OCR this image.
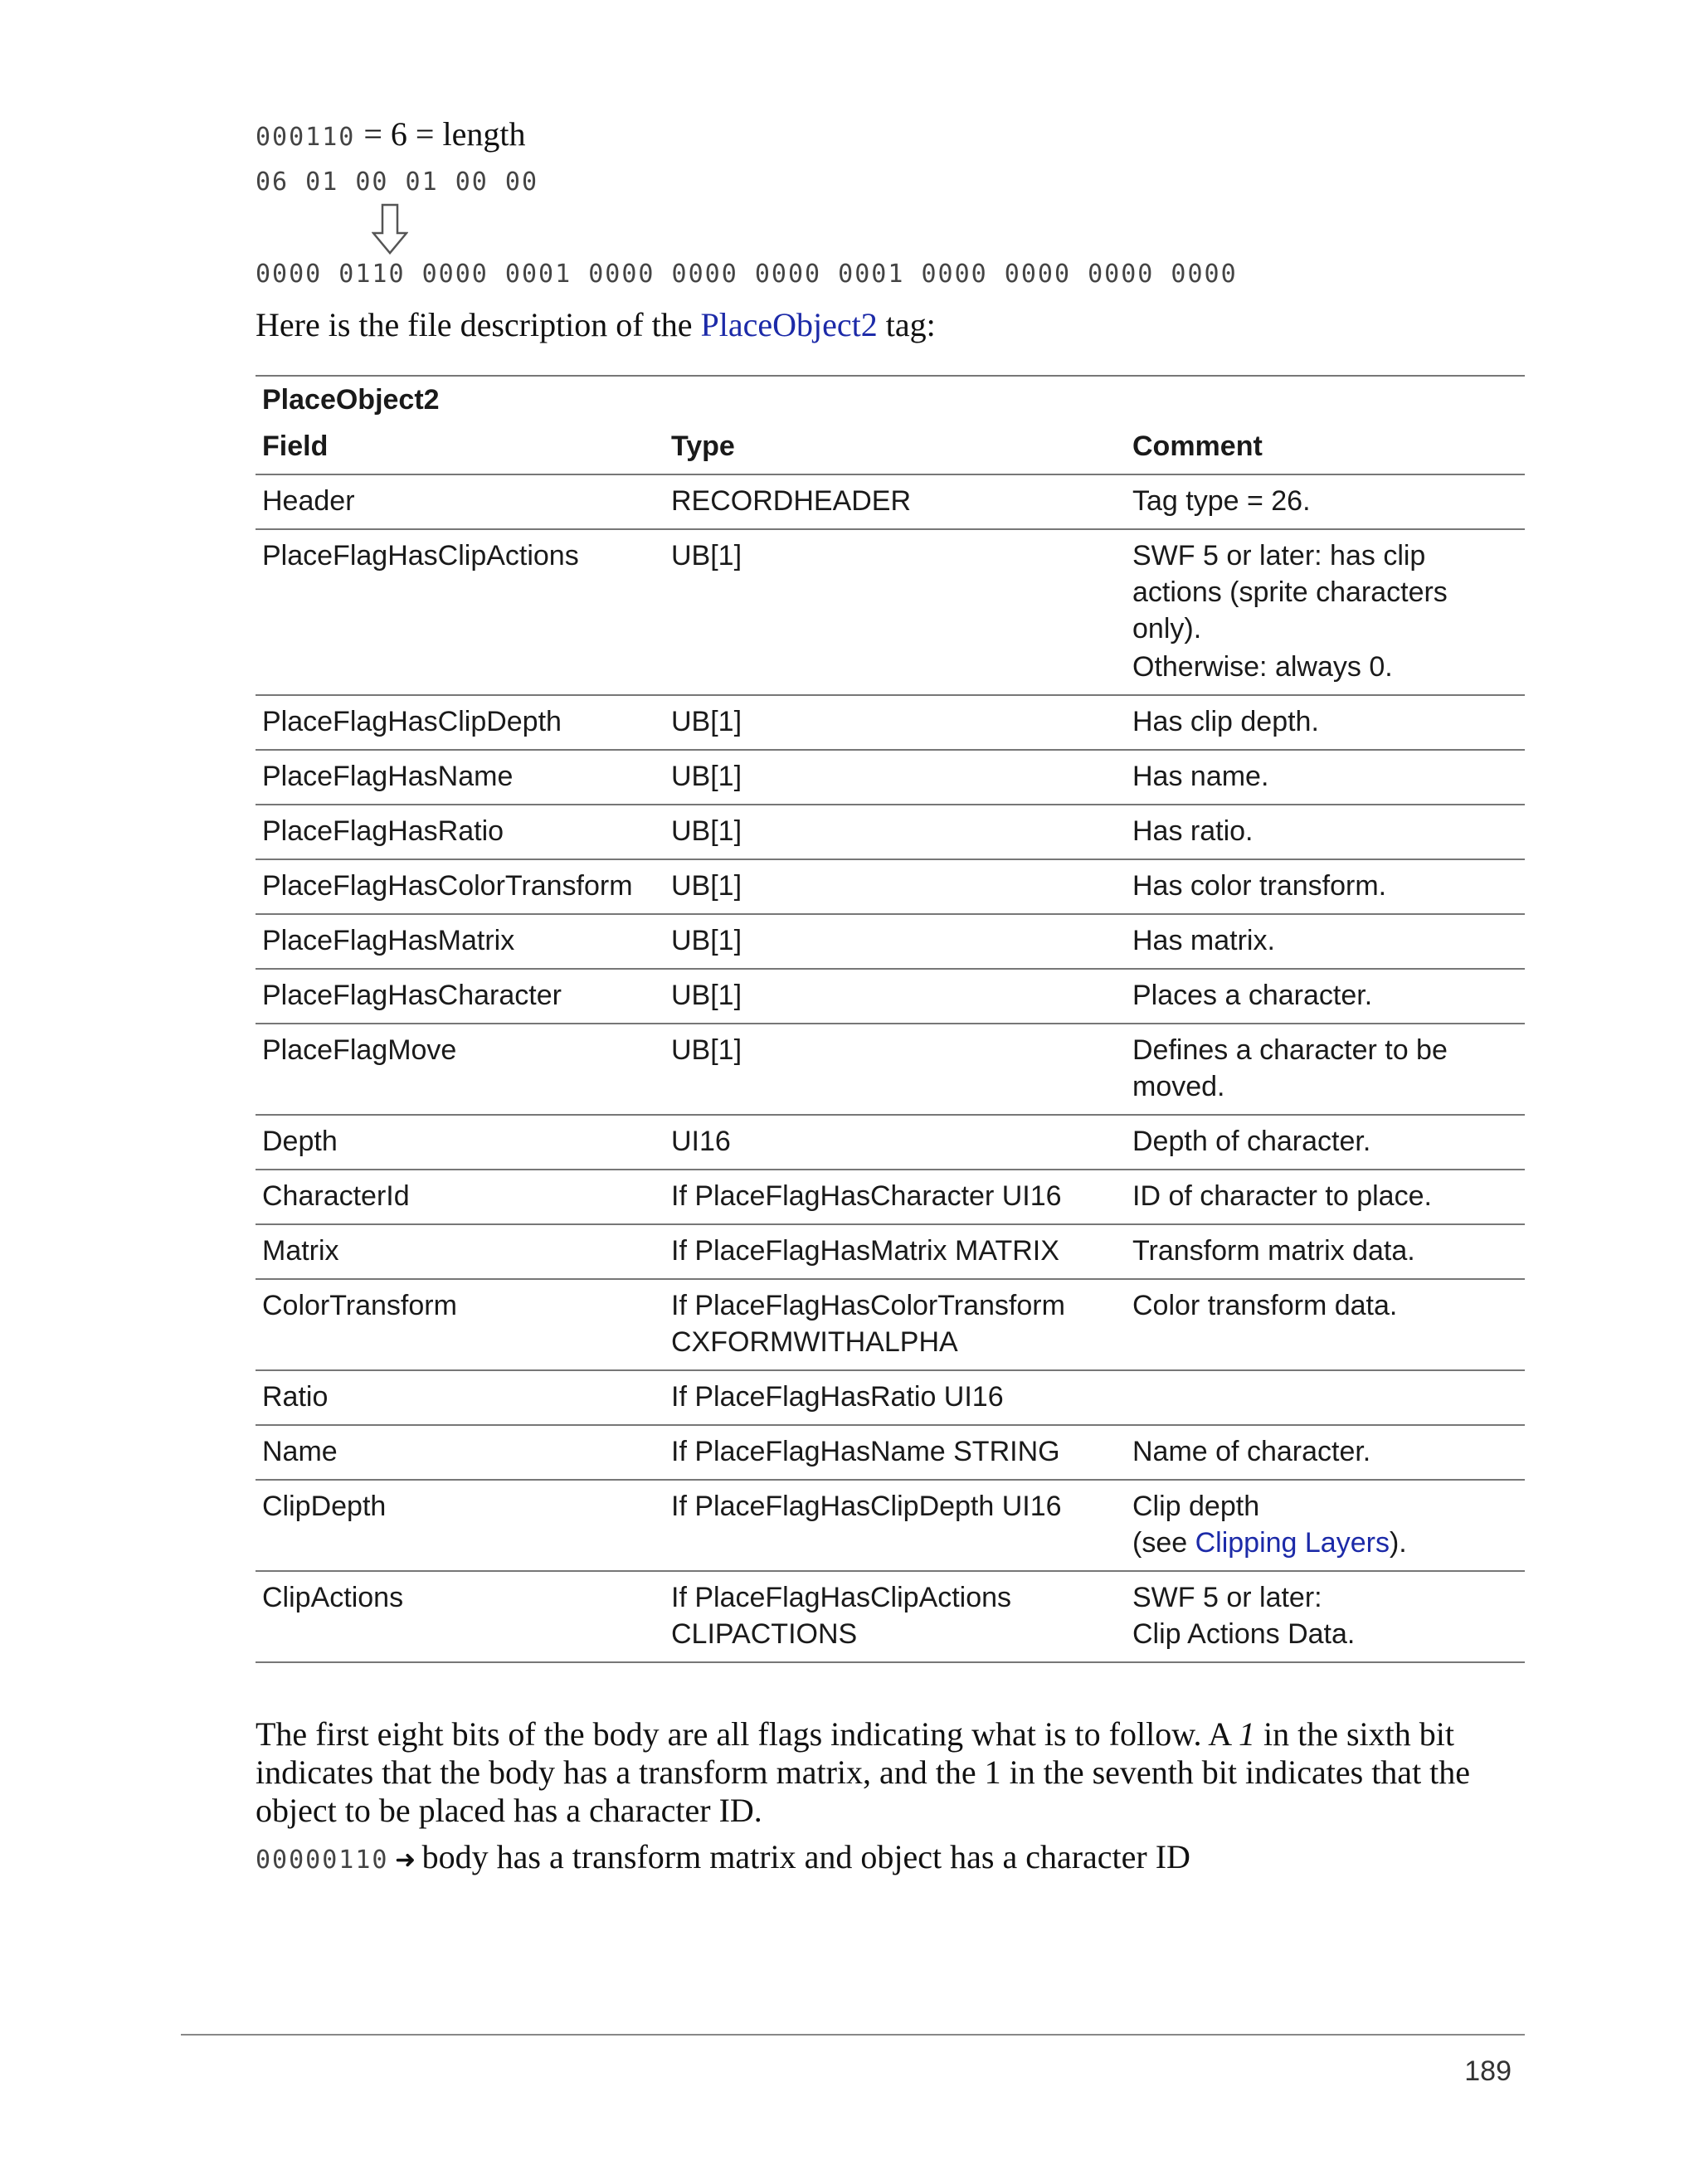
000110 = 6 = length
06 01 00 01 00 00
0000 0110 0000 0001 0000 0000 0000 0001 0000 0000 0000 0000
Here is the file description of the PlaceObject2 tag:
PlaceObject2		
Field	Type	Comment
Header	RECORDHEADER	Tag type = 26.
PlaceFlagHasClipActions	UB[1]	SWF 5 or later: has clip actions (sprite characters only).
Otherwise: always 0.

PlaceFlagHasClipDepth	UB[1]	Has clip depth.
PlaceFlagHasName	UB[1]	Has name.
PlaceFlagHasRatio	UB[1]	Has ratio.
PlaceFlagHasColorTransform	UB[1]	Has color transform.
PlaceFlagHasMatrix	UB[1]	Has matrix.
PlaceFlagHasCharacter	UB[1]	Places a character.
PlaceFlagMove	UB[1]	Defines a character to be moved.
Depth	UI16	Depth of character.
CharacterId	If PlaceFlagHasCharacter UI16	ID of character to place.
Matrix	If PlaceFlagHasMatrix MATRIX	Transform matrix data.
ColorTransform	If PlaceFlagHasColorTransform CXFORMWITHALPHA	Color transform data.
Ratio	If PlaceFlagHasRatio UI16	
Name	If PlaceFlagHasName STRING	Name of character.
ClipDepth	If PlaceFlagHasClipDepth UI16	Clip depth
(see Clipping Layers).

ClipActions	If PlaceFlagHasClipActions CLIPACTIONS	SWF 5 or later:
Clip Actions Data.
The first eight bits of the body are all flags indicating what is to follow. A 1 in the sixth bit indicates that the body has a transform matrix, and the 1 in the seventh bit indicates that the object to be placed has a character ID.
00000110 ➜ body has a transform matrix and object has a character ID
189
